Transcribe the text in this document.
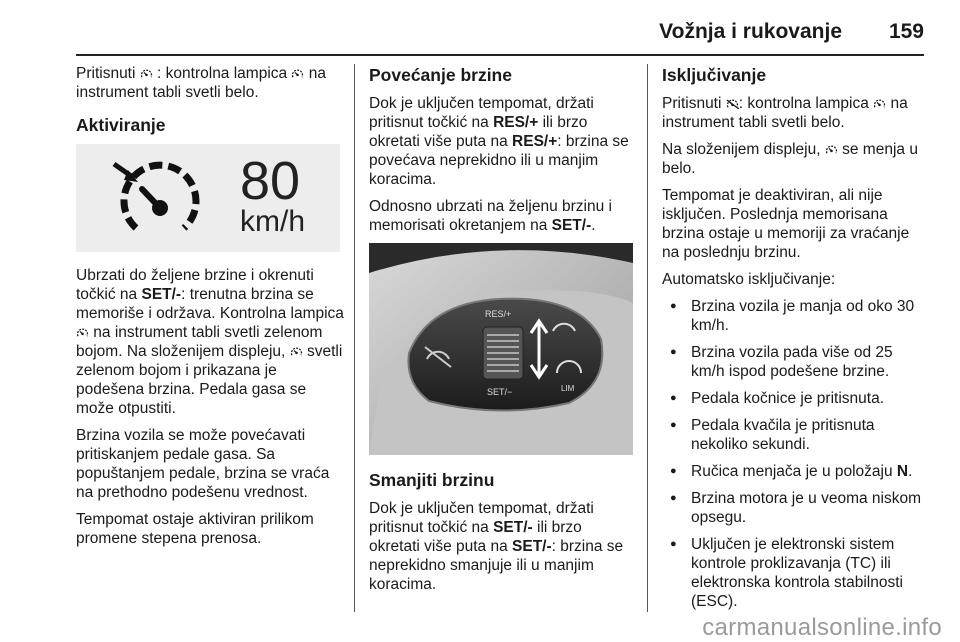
Vožnja i rukovanje 159

Pritisnuti  : kontrolna lampica  na instrument tabli svetli belo.

Aktiviranje
80
km/h

Ubrzati do željene brzine i okrenuti točkić na SET/-: trenutna brzina se memoriše i održava. Kontrolna lampica  na instrument tabli svetli zelenom bojom. Na složenijem displeju,  svetli zelenom bojom i prikazana je podešena brzina. Pedala gasa se može otpustiti.

Brzina vozila se može povećavati pritiskanjem pedale gasa. Sa popuštanjem pedale, brzina se vraća na prethodno podešenu vrednost.

Tempomat ostaje aktiviran prilikom promene stepena prenosa.

Povećanje brzine

Dok je uključen tempomat, držati pritisnut točkić na RES/+ ili brzo okretati više puta na RES/+: brzina se povećava neprekidno ili u manjim koracima.

Odnosno ubrzati na željenu brzinu i memorisati okretanjem na SET/-.

RES/+
SET/−	LIM
Smanjiti brzinu

Dok je uključen tempomat, držati pritisnut točkić na SET/- ili brzo okretati više puta na SET/-: brzina se neprekidno smanjuje ili u manjim koracima.

Isključivanje

Pritisnuti : kontrolna lampica  na instrument tabli svetli belo.

Na složenijem displeju,  se menja u belo.

Tempomat je deaktiviran, ali nije isključen. Poslednja memorisana brzina ostaje u memoriji za vraćanje na poslednju brzinu.

Automatsko isključivanje:

● Brzina vozila je manja od oko 30 km/h.
● Brzina vozila pada više od 25 km/h ispod podešene brzine.
● Pedala kočnice je pritisnuta.
● Pedala kvačila je pritisnuta nekoliko sekundi.
● Ručica menjača je u položaju N.
● Brzina motora je u veoma niskom opsegu.
● Uključen je elektronski sistem kontrole proklizavanja (TC) ili elektronska kontrola stabilnosti (ESC).
carmanualsonline.info
